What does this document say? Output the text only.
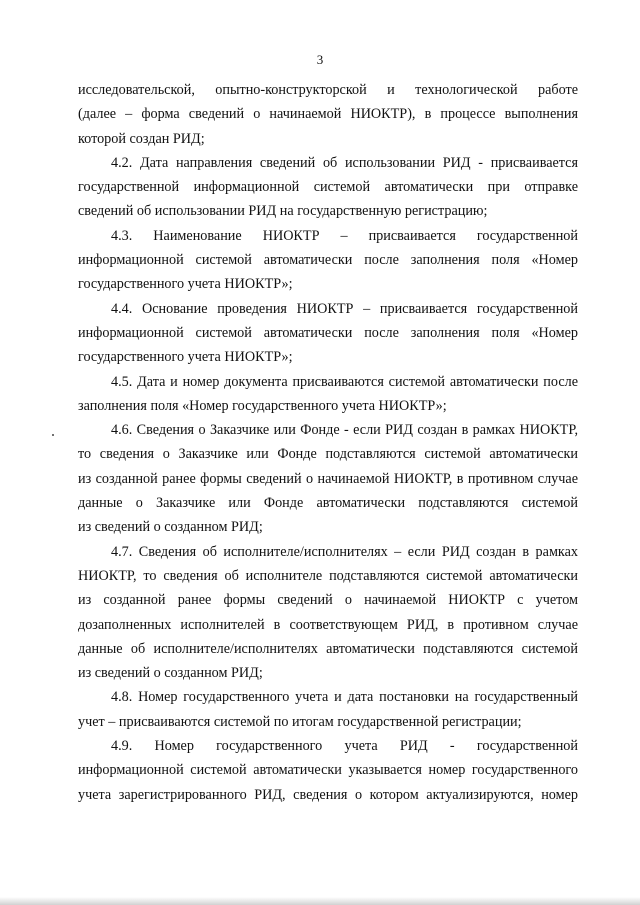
3
исследовательской, опытно-конструкторской и технологической работе
(далее – форма сведений о начинаемой НИОКТР), в процессе выполнения
которой создан РИД;
4.2. Дата направления сведений об использовании РИД - присваивается
государственной информационной системой автоматически при отправке
сведений об использовании РИД на государственную регистрацию;
4.3. Наименование НИОКТР – присваивается государственной
информационной системой автоматически после заполнения поля «Номер
государственного учета НИОКТР»;
4.4. Основание проведения НИОКТР – присваивается государственной
информационной системой автоматически после заполнения поля «Номер
государственного учета НИОКТР»;
4.5. Дата и номер документа присваиваются системой автоматически после
заполнения поля «Номер государственного учета НИОКТР»;
4.6. Сведения о Заказчике или Фонде - если РИД создан в рамках НИОКТР,
то сведения о Заказчике или Фонде подставляются системой автоматически
из созданной ранее формы сведений о начинаемой НИОКТР, в противном случае
данные о Заказчике или Фонде автоматически подставляются системой
из сведений о созданном РИД;
4.7. Сведения об исполнителе/исполнителях – если РИД создан в рамках
НИОКТР, то сведения об исполнителе подставляются системой автоматически
из созданной ранее формы сведений о начинаемой НИОКТР с учетом
дозаполненных исполнителей в соответствующем РИД, в противном случае
данные об исполнителе/исполнителях автоматически подставляются системой
из сведений о созданном РИД;
4.8. Номер государственного учета и дата постановки на государственный
учет – присваиваются системой по итогам государственной регистрации;
4.9. Номер государственного учета РИД - государственной
информационной системой автоматически указывается номер государственного
учета зарегистрированного РИД, сведения о котором актуализируются, номер
